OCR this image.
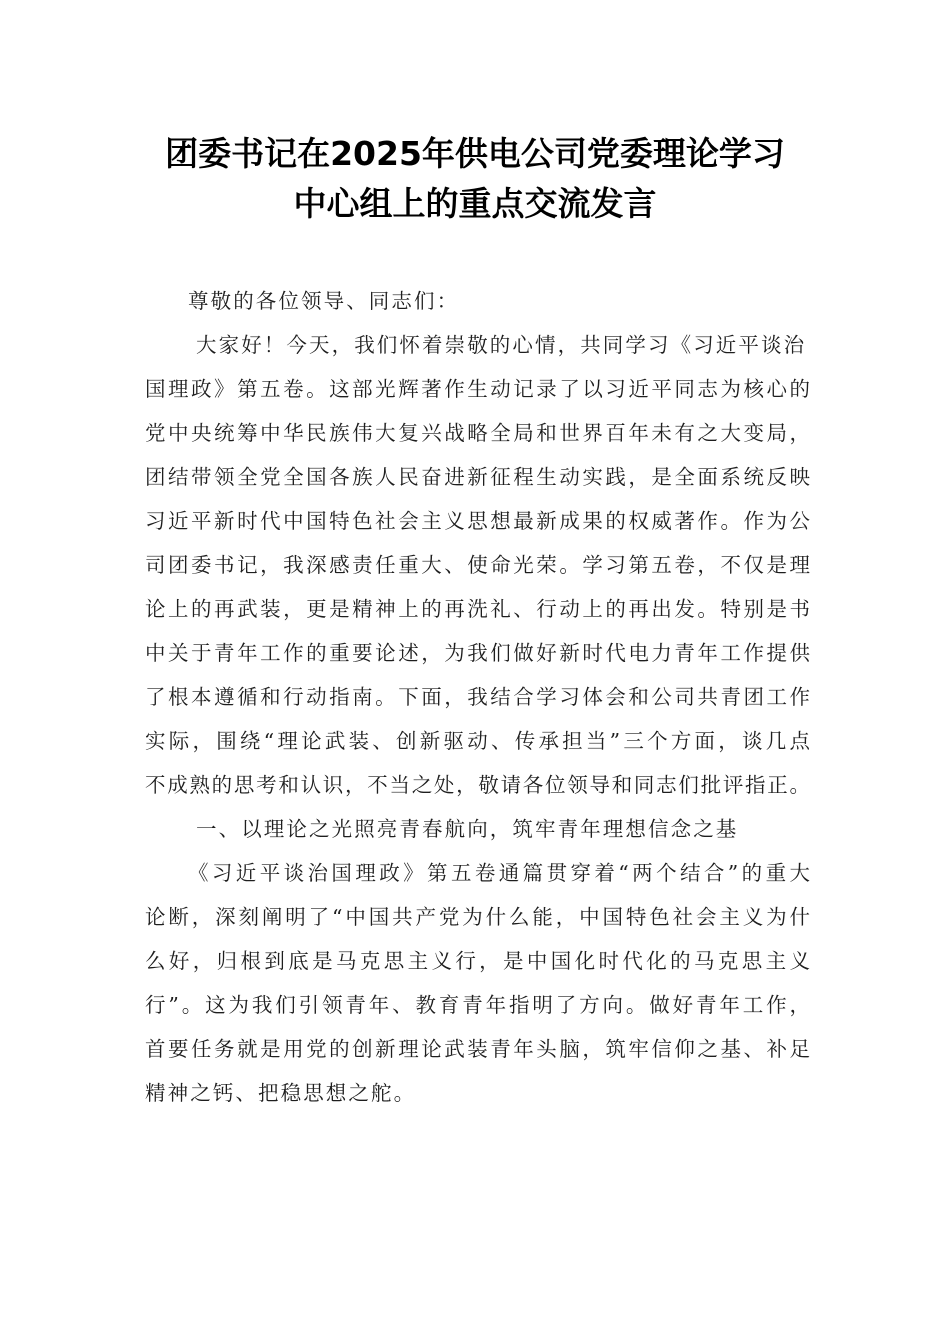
团委书记在2025年供电公司党委理论学习
中心组上的重点交流发言
尊敬的各位领导、同志们：
大家好！今天，我们怀着崇敬的心情，共同学习《习近平谈治
国理政》第五卷。这部光辉著作生动记录了以习近平同志为核心的
党中央统筹中华民族伟大复兴战略全局和世界百年未有之大变局，
团结带领全党全国各族人民奋进新征程生动实践，是全面系统反映
习近平新时代中国特色社会主义思想最新成果的权威著作。作为公
司团委书记，我深感责任重大、使命光荣。学习第五卷，不仅是理
论上的再武装，更是精神上的再洗礼、行动上的再出发。特别是书
中关于青年工作的重要论述，为我们做好新时代电力青年工作提供
了根本遵循和行动指南。下面，我结合学习体会和公司共青团工作
实际，围绕“理论武装、创新驱动、传承担当”三个方面，谈几点
不成熟的思考和认识，不当之处，敬请各位领导和同志们批评指正。
一、以理论之光照亮青春航向，筑牢青年理想信念之基
《习近平谈治国理政》第五卷通篇贯穿着“两个结合”的重大
论断，深刻阐明了“中国共产党为什么能，中国特色社会主义为什
么好，归根到底是马克思主义行，是中国化时代化的马克思主义
行”。这为我们引领青年、教育青年指明了方向。做好青年工作，
首要任务就是用党的创新理论武装青年头脑，筑牢信仰之基、补足
精神之钙、把稳思想之舵。
